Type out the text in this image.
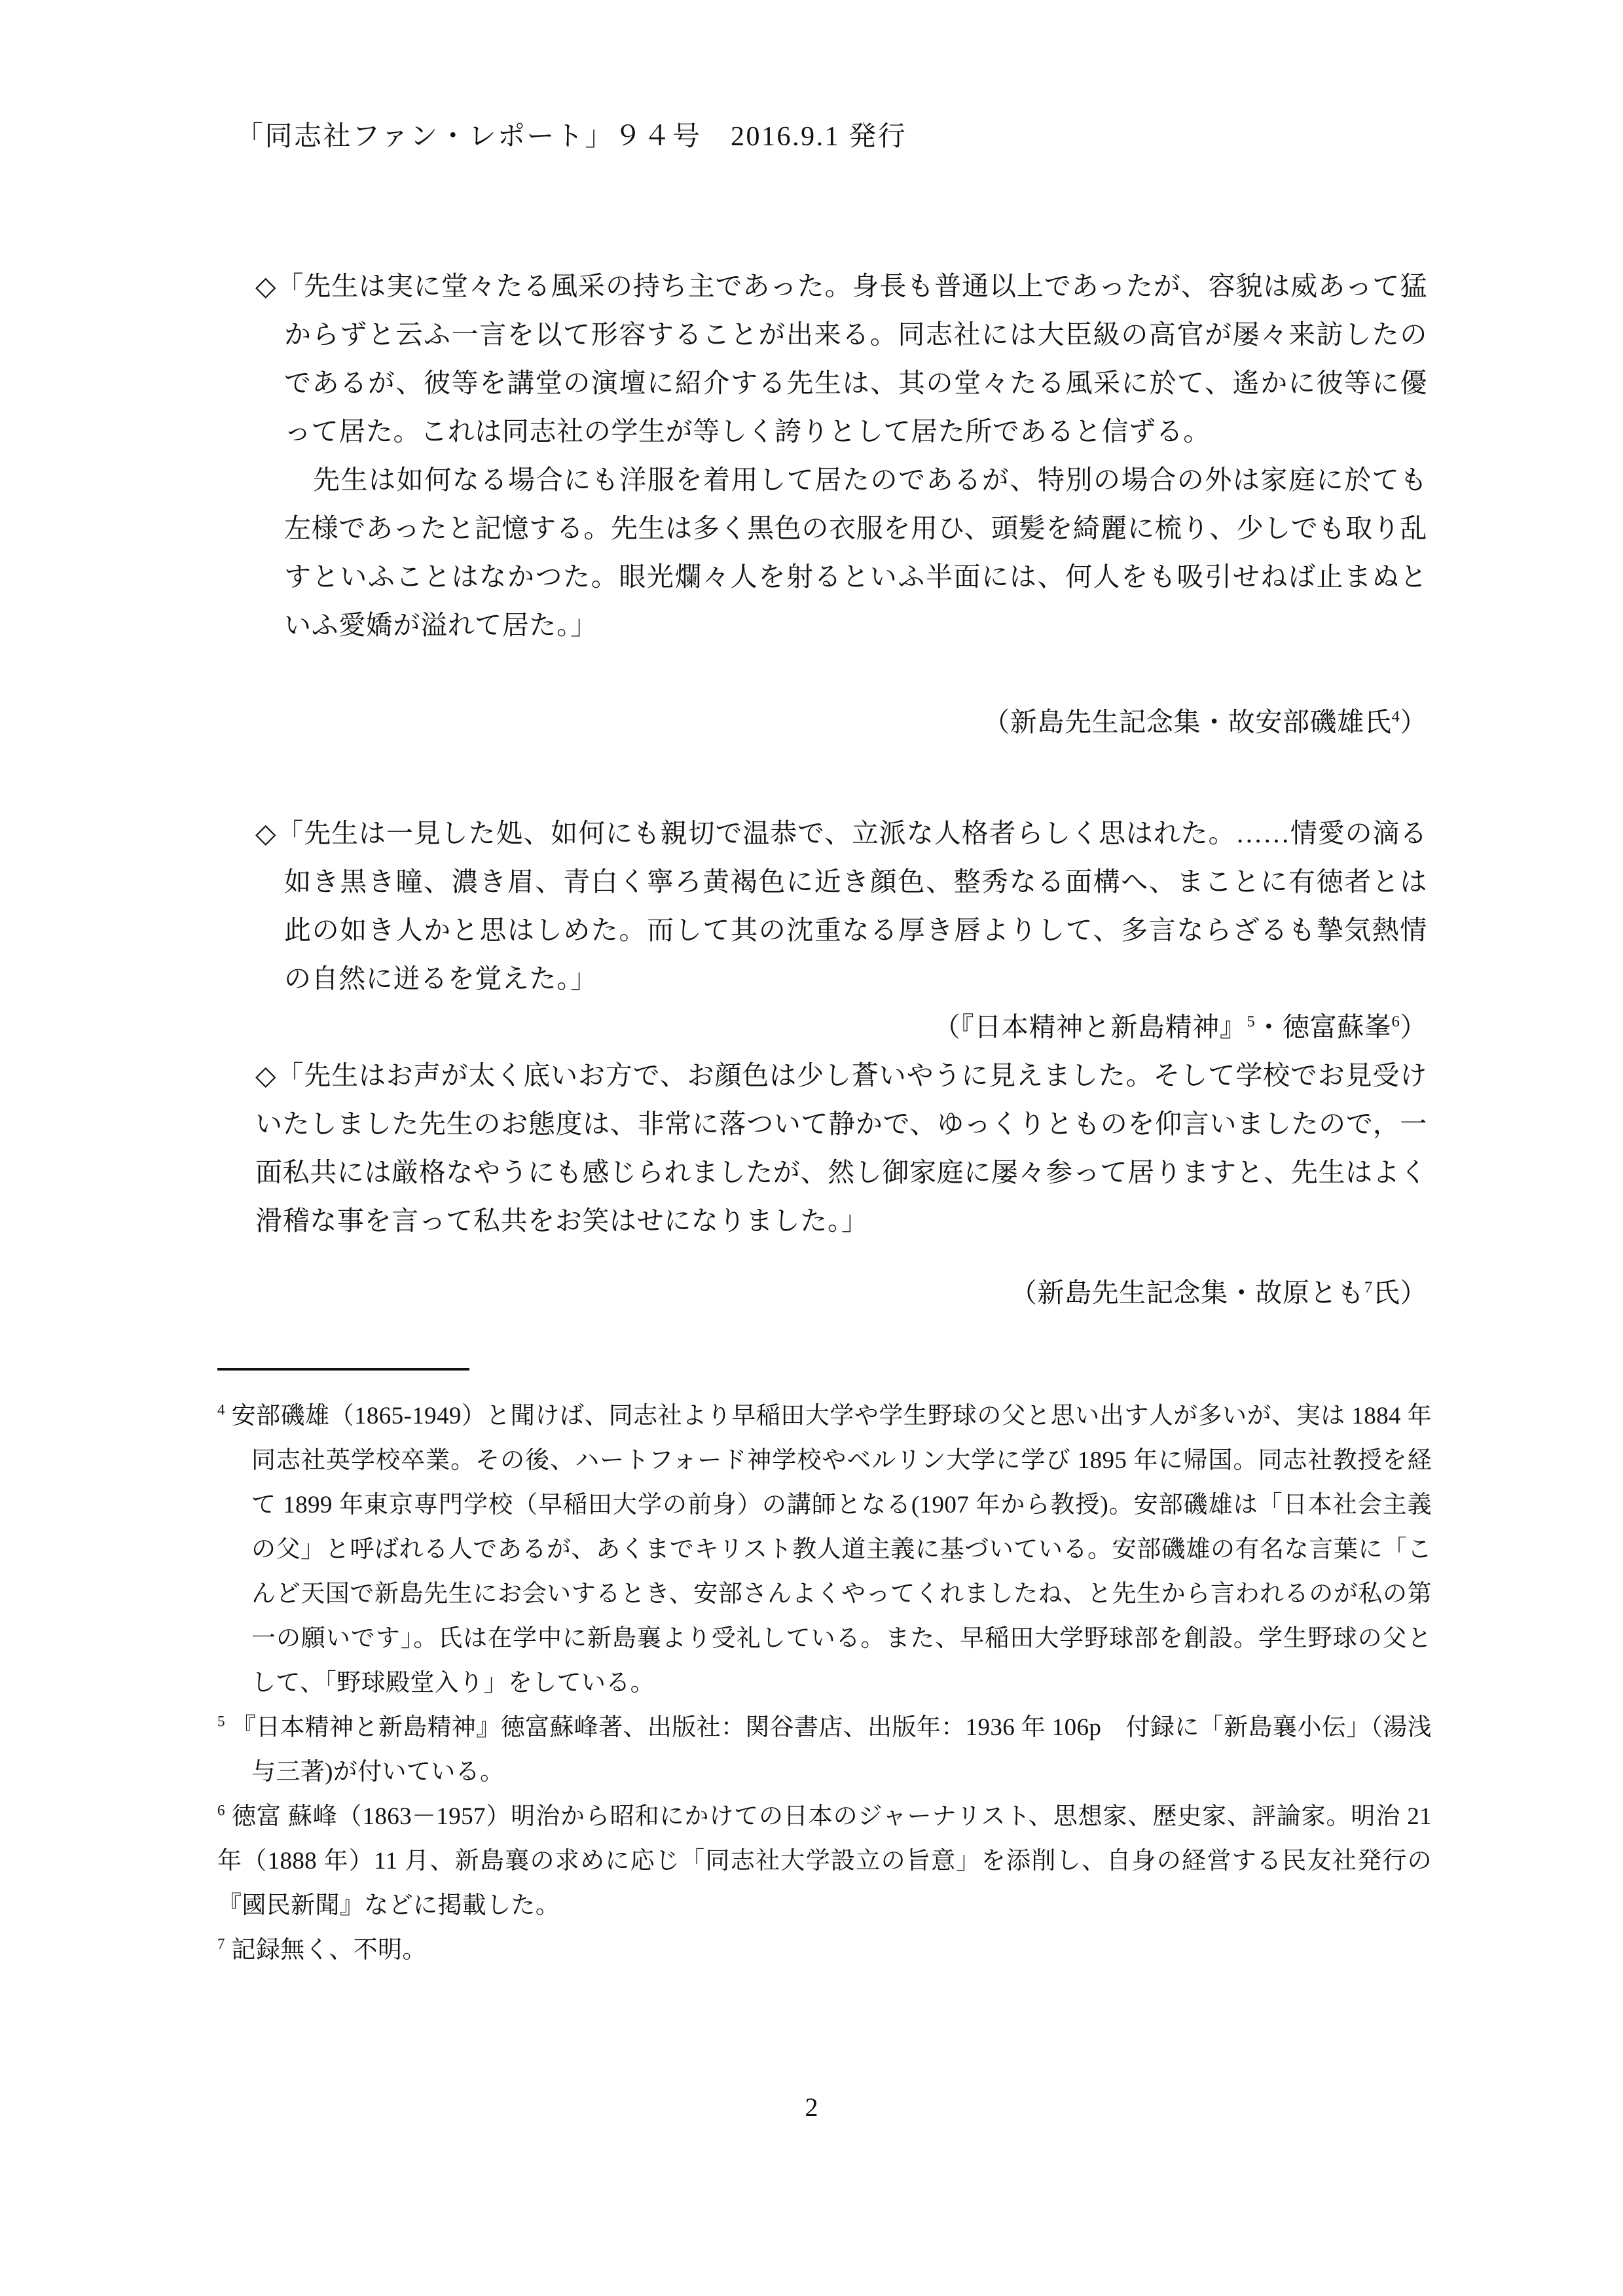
「同志社ファン・レポート」９４号　2016.9.1 発行

◇「先生は実に堂々たる風采の持ち主であった。身長も普通以上であったが、容貌は威あって猛からずと云ふ一言を以て形容することが出来る。同志社には大臣級の高官が屡々来訪したのであるが、彼等を講堂の演壇に紹介する先生は、其の堂々たる風采に於て、遙かに彼等に優って居た。これは同志社の学生が等しく誇りとして居た所であると信ずる。

先生は如何なる場合にも洋服を着用して居たのであるが、特別の場合の外は家庭に於ても左様であったと記憶する。先生は多く黒色の衣服を用ひ、頭髪を綺麗に梳り、少しでも取り乱すといふことはなかつた。眼光爛々人を射るといふ半面には、何人をも吸引せねば止まぬといふ愛嬌が溢れて居た。」

（新島先生記念集・故安部磯雄氏$^4$）

◇「先生は一見した処、如何にも親切で温恭で、立派な人格者らしく思はれた。……情愛の滴る如き黒き瞳、濃き眉、青白く寧ろ黄褐色に近き顔色、整秀なる面構へ、まことに有徳者とは此の如き人かと思はしめた。而して其の沈重なる厚き唇よりして、多言ならざるも摯気熱情の自然に迸るを覚えた。」

（『日本精神と新島精神』$^5$・徳富蘇峯$^6$）

◇「先生はお声が太く底いお方で、お顔色は少し蒼いやうに見えました。そして学校でお見受けいたしました先生のお態度は、非常に落ついて静かで、ゆっくりとものを仰言いましたので，一面私共には厳格なやうにも感じられましたが、然し御家庭に屡々参って居りますと、先生はよく滑稽な事を言って私共をお笑はせになりました。」

（新島先生記念集・故原とも$^7$氏）

$^4$ 安部磯雄（1865-1949）と聞けば、同志社より早稲田大学や学生野球の父と思い出す人が多いが、実は 1884 年同志社英学校卒業。その後、ハートフォード神学校やベルリン大学に学び 1895 年に帰国。同志社教授を経て 1899 年東京専門学校（早稲田大学の前身）の講師となる(1907 年から教授)。安部磯雄は「日本社会主義の父」と呼ばれる人であるが、あくまでキリスト教人道主義に基づいている。安部磯雄の有名な言葉に「こんど天国で新島先生にお会いするとき、安部さんよくやってくれましたね、と先生から言われるのが私の第一の願いです」。氏は在学中に新島襄より受礼している。また、早稲田大学野球部を創設。学生野球の父として、「野球殿堂入り」をしている。

$^5$ 『日本精神と新島精神』徳富蘇峰著、出版社：関谷書店、出版年：1936 年 106p　付録に「新島襄小伝」（湯浅与三著)が付いている。

$^6$ 徳富 蘇峰（1863－1957）明治から昭和にかけての日本のジャーナリスト、思想家、歴史家、評論家。明治 21 年（1888 年）11 月、新島襄の求めに応じ「同志社大学設立の旨意」を添削し、自身の経営する民友社発行の『國民新聞』などに掲載した。

$^7$ 記録無く、不明。

2
